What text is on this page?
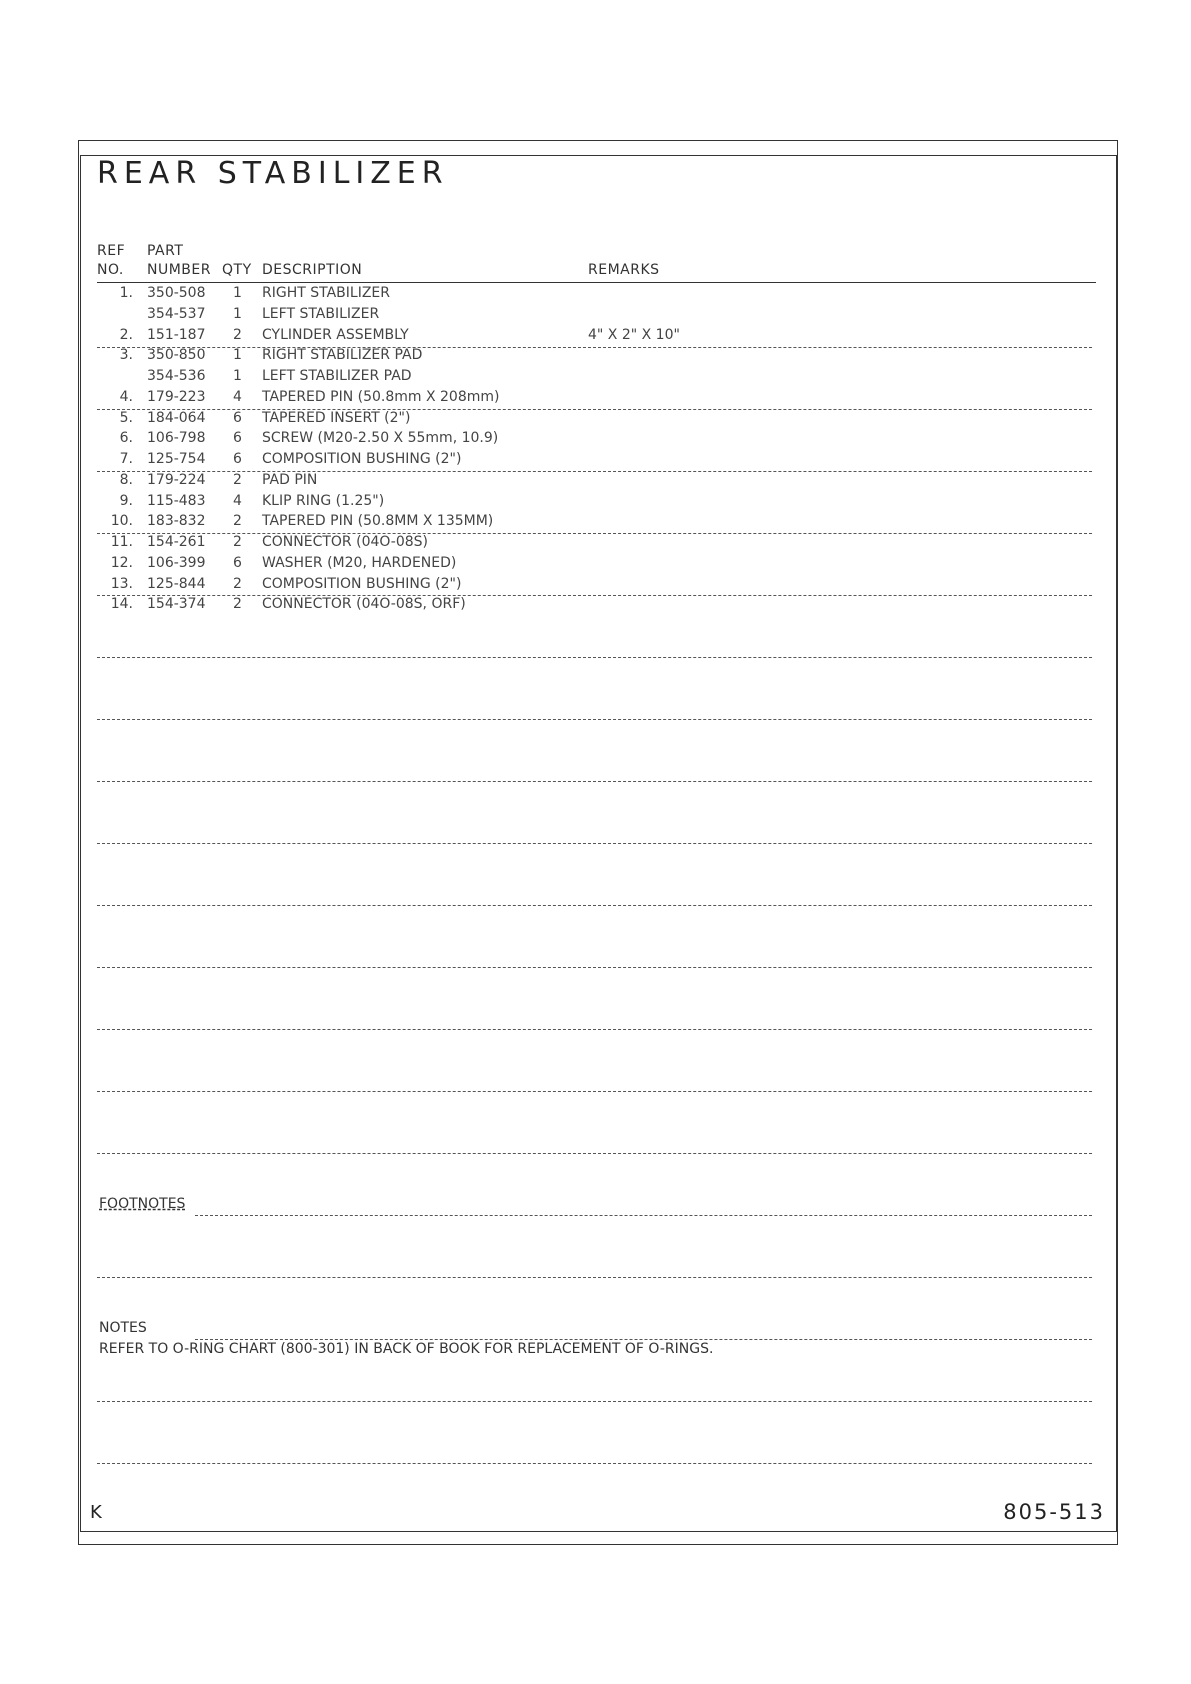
REAR STABILIZER
REF
NO.
PART
NUMBER QTY DESCRIPTION	REMARKS
1. 350-508 1 RIGHT STABILIZER
354-537 1 LEFT STABILIZER
2. 151-187 2 CYLINDER ASSEMBLY	4" X 2" X 10"
3. 350-850 1 RIGHT STABILIZER PAD
354-536 1 LEFT STABILIZER PAD
4. 179-223 4 TAPERED PIN (50.8mm X 208mm)
5. 184-064 6 TAPERED INSERT (2")
6. 106-798 6 SCREW (M20-2.50 X 55mm, 10.9)
7. 125-754 6 COMPOSITION BUSHING (2")
8. 179-224 2 PAD PIN
9. 115-483 4 KLIP RING (1.25")
10. 183-832 2 TAPERED PIN (50.8MM X 135MM)
11. 154-261 2 CONNECTOR (04O-08S)
12. 106-399 6 WASHER (M20, HARDENED)
13. 125-844 2 COMPOSITION BUSHING (2")
14. 154-374 2 CONNECTOR (04O-08S, ORF)
FOOTNOTES
NOTES
REFER TO O-RING CHART (800-301) IN BACK OF BOOK FOR REPLACEMENT OF O-RINGS.
K	805-513
